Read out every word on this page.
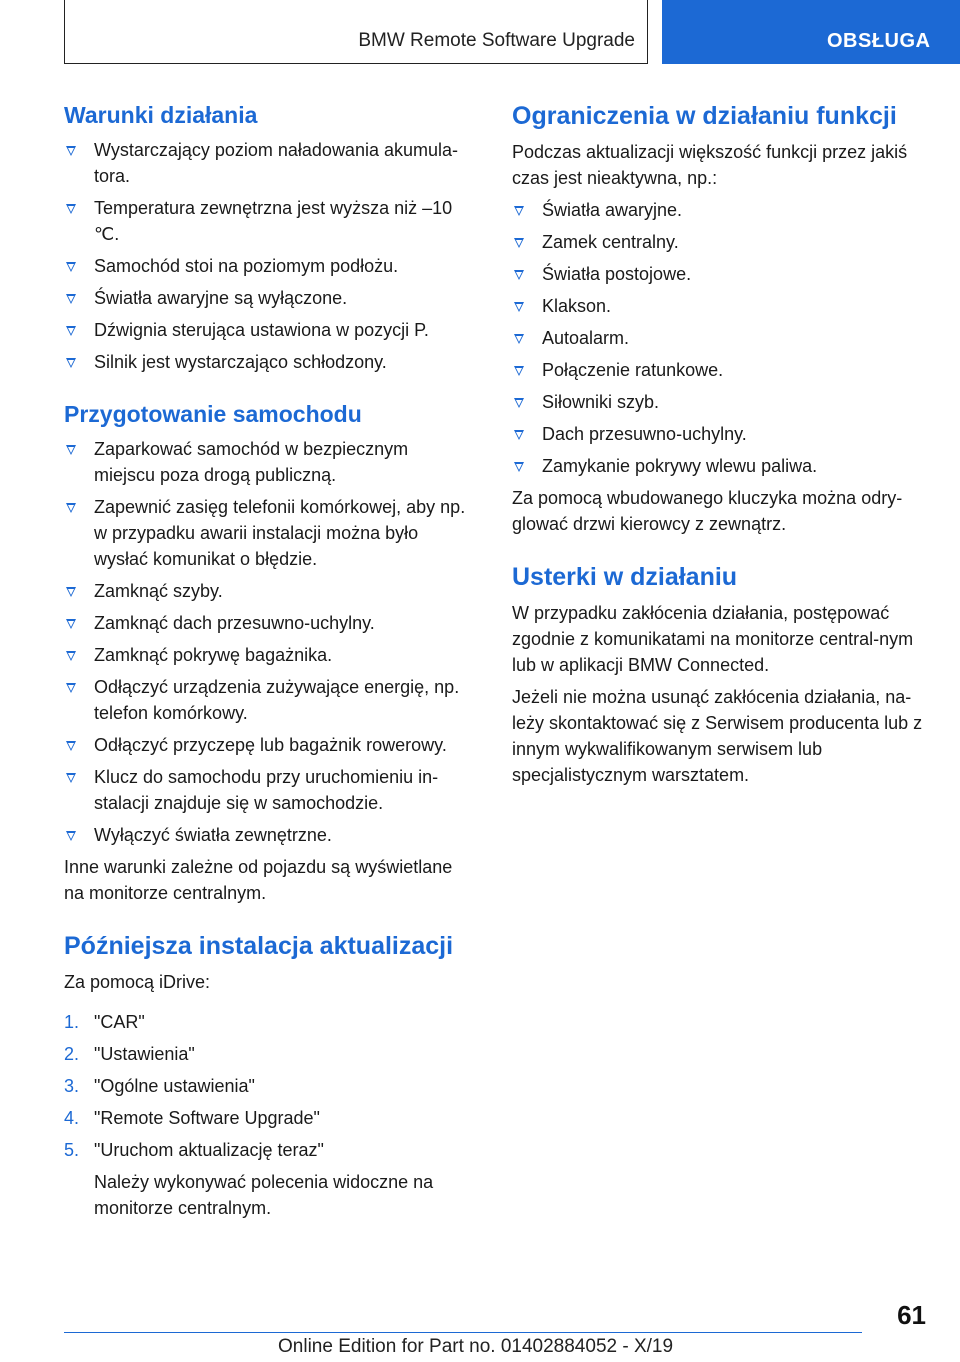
BMW Remote Software Upgrade	OBSŁUGA
Warunki działania
Wystarczający poziom naładowania akumula-tora.
Temperatura zewnętrzna jest wyższa niż –10 ℃.
Samochód stoi na poziomym podłożu.
Światła awaryjne są wyłączone.
Dźwignia sterująca ustawiona w pozycji P.
Silnik jest wystarczająco schłodzony.
Przygotowanie samochodu
Zaparkować samochód w bezpiecznym miejscu poza drogą publiczną.
Zapewnić zasięg telefonii komórkowej, aby np. w przypadku awarii instalacji można było wysłać komunikat o błędzie.
Zamknąć szyby.
Zamknąć dach przesuwno-uchylny.
Zamknąć pokrywę bagażnika.
Odłączyć urządzenia zużywające energię, np. telefon komórkowy.
Odłączyć przyczepę lub bagażnik rowerowy.
Klucz do samochodu przy uruchomieniu in-stalacji znajduje się w samochodzie.
Wyłączyć światła zewnętrzne.

Inne warunki zależne od pojazdu są wyświetlane na monitorze centralnym.

Późniejsza instalacja aktualizacji

Za pomocą iDrive:

1. "CAR"
2. "Ustawienia"
3. "Ogólne ustawienia"
4. "Remote Software Upgrade"
5. "Uruchom aktualizację teraz"

Należy wykonywać polecenia widoczne na monitorze centralnym.

Ograniczenia w działaniu funkcji

Podczas aktualizacji większość funkcji przez jakiś czas jest nieaktywna, np.:

Światła awaryjne.
Zamek centralny.
Światła postojowe.
Klakson.
Autoalarm.
Połączenie ratunkowe.
Siłowniki szyb.
Dach przesuwno-uchylny.
Zamykanie pokrywy wlewu paliwa.

Za pomocą wbudowanego kluczyka można odry-glować drzwi kierowcy z zewnątrz.

Usterki w działaniu

W przypadku zakłócenia działania, postępować zgodnie z komunikatami na monitorze central-nym lub w aplikacji BMW Connected.

Jeżeli nie można usunąć zakłócenia działania, na-leży skontaktować się z Serwisem producenta lub z innym wykwalifikowanym serwisem lub specjalistycznym warsztatem.

61
Online Edition for Part no. 01402884052 - X/19
